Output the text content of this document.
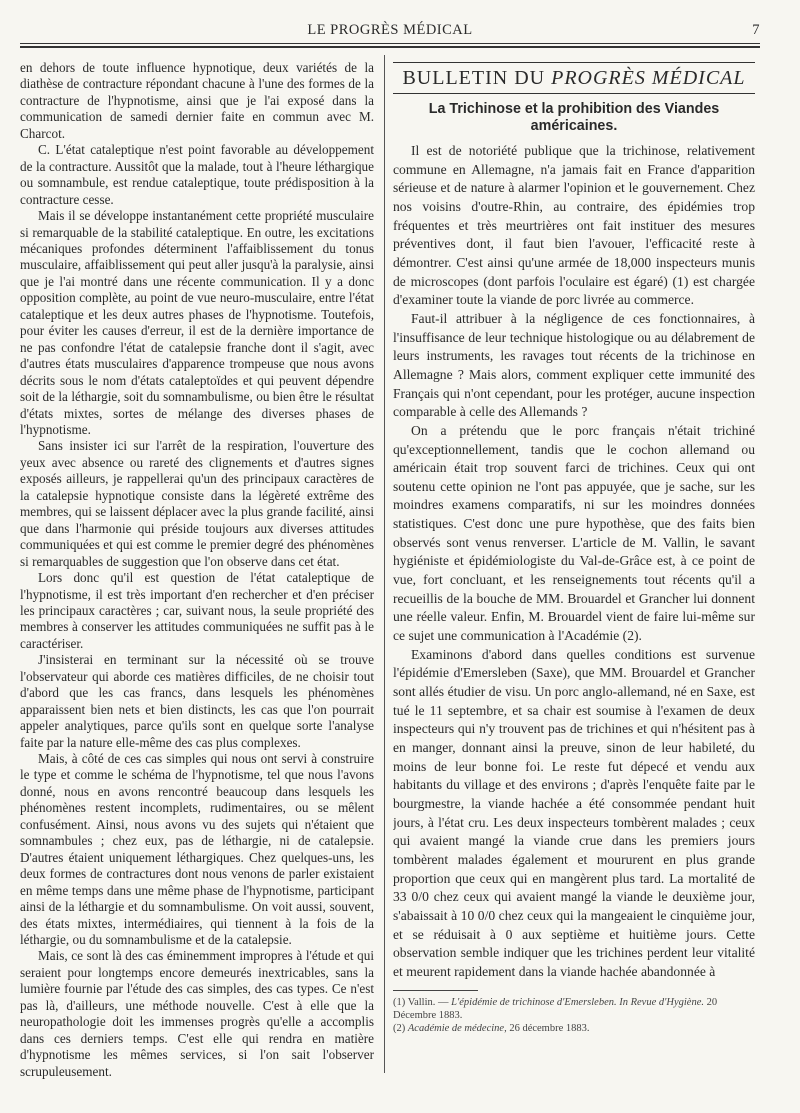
LE PROGRÈS MÉDICAL	7

en dehors de toute influence hypnotique, deux variétés de la diathèse de contracture répondant chacune à l'une des formes de la contracture de l'hypnotisme, ainsi que je l'ai exposé dans la communication de samedi dernier faite en commun avec M. Charcot.

C. L'état cataleptique n'est point favorable au développement de la contracture. Aussitôt que la malade, tout à l'heure léthargique ou somnambule, est rendue cataleptique, toute prédisposition à la contracture cesse.

Mais il se développe instantanément cette propriété musculaire si remarquable de la stabilité cataleptique. En outre, les excitations mécaniques profondes déterminent l'affaiblissement du tonus musculaire, affaiblissement qui peut aller jusqu'à la paralysie, ainsi que je l'ai montré dans une récente communication. Il y a donc opposition complète, au point de vue neuro-musculaire, entre l'état cataleptique et les deux autres phases de l'hypnotisme. Toutefois, pour éviter les causes d'erreur, il est de la dernière importance de ne pas confondre l'état de catalepsie franche dont il s'agit, avec d'autres états musculaires d'apparence trompeuse que nous avons décrits sous le nom d'états cataleptoïdes et qui peuvent dépendre soit de la léthargie, soit du somnambulisme, ou bien être le résultat d'états mixtes, sortes de mélange des diverses phases de l'hypnotisme.

Sans insister ici sur l'arrêt de la respiration, l'ouverture des yeux avec absence ou rareté des clignements et d'autres signes exposés ailleurs, je rappellerai qu'un des principaux caractères de la catalepsie hypnotique consiste dans la légèreté extrême des membres, qui se laissent déplacer avec la plus grande facilité, ainsi que dans l'harmonie qui préside toujours aux diverses attitudes communiquées et qui est comme le premier degré des phénomènes si remarquables de suggestion que l'on observe dans cet état.

Lors donc qu'il est question de l'état cataleptique de l'hypnotisme, il est très important d'en rechercher et d'en préciser les principaux caractères ; car, suivant nous, la seule propriété des membres à conserver les attitudes communiquées ne suffit pas à le caractériser.

J'insisterai en terminant sur la nécessité où se trouve l'observateur qui aborde ces matières difficiles, de ne choisir tout d'abord que les cas francs, dans lesquels les phénomènes apparaissent bien nets et bien distincts, les cas que l'on pourrait appeler analytiques, parce qu'ils sont en quelque sorte l'analyse faite par la nature elle-même des cas plus complexes.

Mais, à côté de ces cas simples qui nous ont servi à construire le type et comme le schéma de l'hypnotisme, tel que nous l'avons donné, nous en avons rencontré beaucoup dans lesquels les phénomènes restent incomplets, rudimentaires, ou se mêlent confusément. Ainsi, nous avons vu des sujets qui n'étaient que somnambules ; chez eux, pas de léthargie, ni de catalepsie. D'autres étaient uniquement léthargiques. Chez quelques-uns, les deux formes de contractures dont nous venons de parler existaient en même temps dans une même phase de l'hypnotisme, participant ainsi de la léthargie et du somnambulisme. On voit aussi, souvent, des états mixtes, intermédiaires, qui tiennent à la fois de la léthargie, ou du somnambulisme et de la catalepsie.

Mais, ce sont là des cas éminemment impropres à l'étude et qui seraient pour longtemps encore demeurés inextricables, sans la lumière fournie par l'étude des cas simples, des cas types. Ce n'est pas là, d'ailleurs, une méthode nouvelle. C'est à elle que la neuropathologie doit les immenses progrès qu'elle a accomplis dans ces derniers temps. C'est elle qui rendra en matière d'hypnotisme les mêmes services, si l'on sait l'observer scrupuleusement.

BULLETIN DU PROGRÈS MÉDICAL

La Trichinose et la prohibition des Viandes américaines.

Il est de notoriété publique que la trichinose, relativement commune en Allemagne, n'a jamais fait en France d'apparition sérieuse et de nature à alarmer l'opinion et le gouvernement. Chez nos voisins d'outre-Rhin, au contraire, des épidémies trop fréquentes et très meurtrières ont fait instituer des mesures préventives dont, il faut bien l'avouer, l'efficacité reste à démontrer. C'est ainsi qu'une armée de 18,000 inspecteurs munis de microscopes (dont parfois l'oculaire est égaré) (1) est chargée d'examiner toute la viande de porc livrée au commerce.

Faut-il attribuer à la négligence de ces fonctionnaires, à l'insuffisance de leur technique histologique ou au délabrement de leurs instruments, les ravages tout récents de la trichinose en Allemagne ? Mais alors, comment expliquer cette immunité des Français qui n'ont cependant, pour les protéger, aucune inspection comparable à celle des Allemands ?

On a prétendu que le porc français n'était trichiné qu'exceptionnellement, tandis que le cochon allemand ou américain était trop souvent farci de trichines. Ceux qui ont soutenu cette opinion ne l'ont pas appuyée, que je sache, sur les moindres examens comparatifs, ni sur les moindres données statistiques. C'est donc une pure hypothèse, que des faits bien observés sont venus renverser. L'article de M. Vallin, le savant hygiéniste et épidémiologiste du Val-de-Grâce est, à ce point de vue, fort concluant, et les renseignements tout récents qu'il a recueillis de la bouche de MM. Brouardel et Grancher lui donnent une réelle valeur. Enfin, M. Brouardel vient de faire lui-même sur ce sujet une communication à l'Académie (2).

Examinons d'abord dans quelles conditions est survenue l'épidémie d'Emersleben (Saxe), que MM. Brouardel et Grancher sont allés étudier de visu. Un porc anglo-allemand, né en Saxe, est tué le 11 septembre, et sa chair est soumise à l'examen de deux inspecteurs qui n'y trouvent pas de trichines et qui n'hésitent pas à en manger, donnant ainsi la preuve, sinon de leur habileté, du moins de leur bonne foi. Le reste fut dépecé et vendu aux habitants du village et des environs ; d'après l'enquête faite par le bourgmestre, la viande hachée a été consommée pendant huit jours, à l'état cru. Les deux inspecteurs tombèrent malades ; ceux qui avaient mangé la viande crue dans les premiers jours tombèrent malades également et moururent en plus grande proportion que ceux qui en mangèrent plus tard. La mortalité de 33 0/0 chez ceux qui avaient mangé la viande le deuxième jour, s'abaissait à 10 0/0 chez ceux qui la mangeaient le cinquième jour, et se réduisait à 0 aux septième et huitième jours. Cette observation semble indiquer que les trichines perdent leur vitalité et meurent rapidement dans la viande hachée abandonnée à

(1) Vallin. — L'épidémie de trichinose d'Emersleben. In Revue d'Hygiène. 20 Décembre 1883.

(2) Académie de médecine, 26 décembre 1883.
